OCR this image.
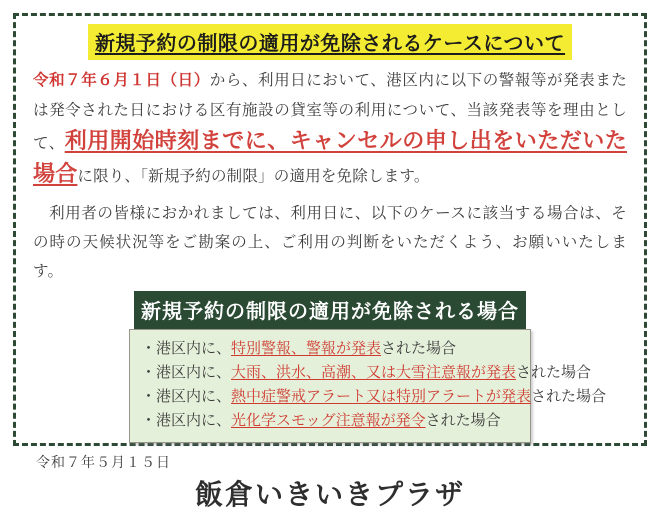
新規予約の制限の適用が免除されるケースについて

令和７年６月１日（日）から、利用日において、港区内に以下の警報等が発表または発令された日における区有施設の貸室等の利用について、当該発表等を理由として、利用開始時刻までに、キャンセルの申し出をいただいた場合に限り、「新規予約の制限」の適用を免除します。

　利用者の皆様におかれましては、利用日に、以下のケースに該当する場合は、その時の天候状況等をご勘案の上、ご利用の判断をいただくよう、お願いいたします。

新規予約の制限の適用が免除される場合
・港区内に、特別警報、警報が発表された場合
・港区内に、大雨、洪水、高潮、又は大雪注意報が発表された場合
・港区内に、熱中症警戒アラート又は特別アラートが発表された場合
・港区内に、光化学スモッグ注意報が発令された場合
令和７年５月１５日
飯倉いきいきプラザ
